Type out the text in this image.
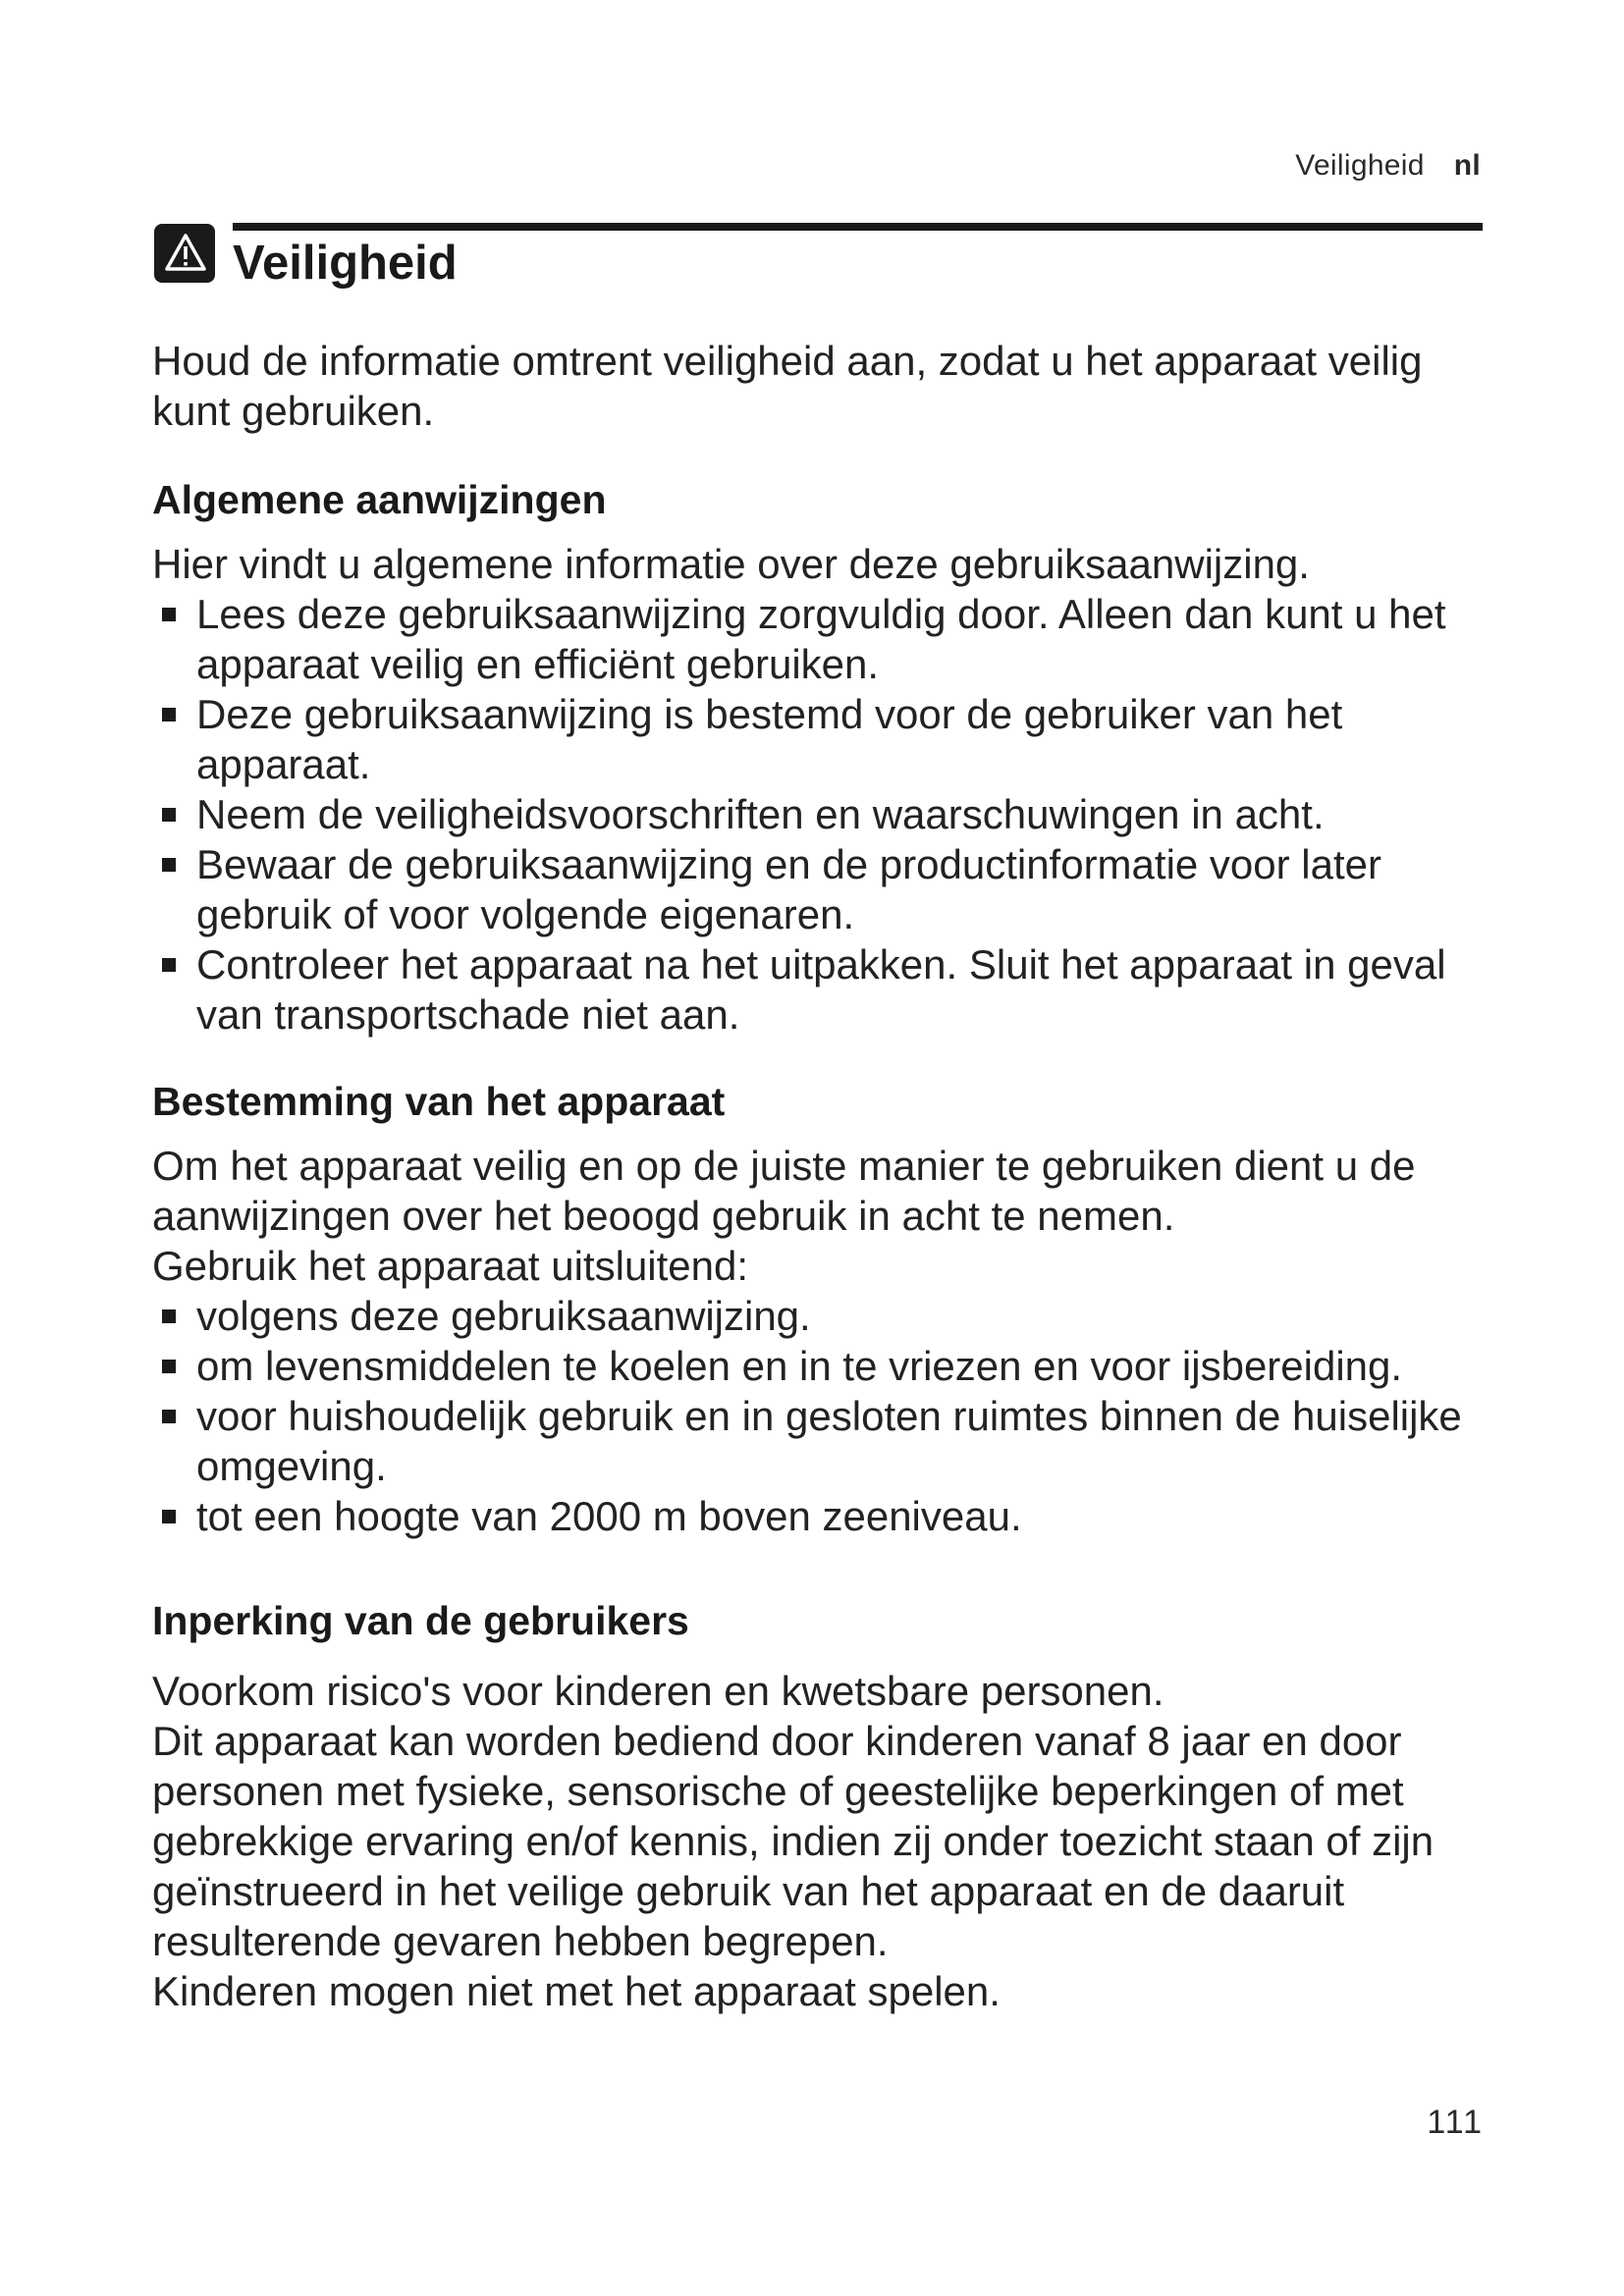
Veiligheid nl
Veiligheid

Houd de informatie omtrent veiligheid aan, zodat u het apparaat veilig kunt gebruiken.

Algemene aanwijzingen

Hier vindt u algemene informatie over deze gebruiksaanwijzing.

Lees deze gebruiksaanwijzing zorgvuldig door. Alleen dan kunt u het apparaat veilig en efficiënt gebruiken.
Deze gebruiksaanwijzing is bestemd voor de gebruiker van het apparaat.
Neem de veiligheidsvoorschriften en waarschuwingen in acht.
Bewaar de gebruiksaanwijzing en de productinformatie voor later gebruik of voor volgende eigenaren.
Controleer het apparaat na het uitpakken. Sluit het apparaat in geval van transportschade niet aan.
Bestemming van het apparaat

Om het apparaat veilig en op de juiste manier te gebruiken dient u de aanwijzingen over het beoogd gebruik in acht te nemen.

Gebruik het apparaat uitsluitend:

volgens deze gebruiksaanwijzing.
om levensmiddelen te koelen en in te vriezen en voor ijsbereiding.
voor huishoudelijk gebruik en in gesloten ruimtes binnen de huiselijke omgeving.
tot een hoogte van 2000 m boven zeeniveau.
Inperking van de gebruikers

Voorkom risico's voor kinderen en kwetsbare personen.

Dit apparaat kan worden bediend door kinderen vanaf 8 jaar en door personen met fysieke, sensorische of geestelijke beperkingen of met gebrekkige ervaring en/of kennis, indien zij onder toezicht staan of zijn geïnstrueerd in het veilige gebruik van het apparaat en de daaruit resulterende gevaren hebben begrepen.

Kinderen mogen niet met het apparaat spelen.

111
